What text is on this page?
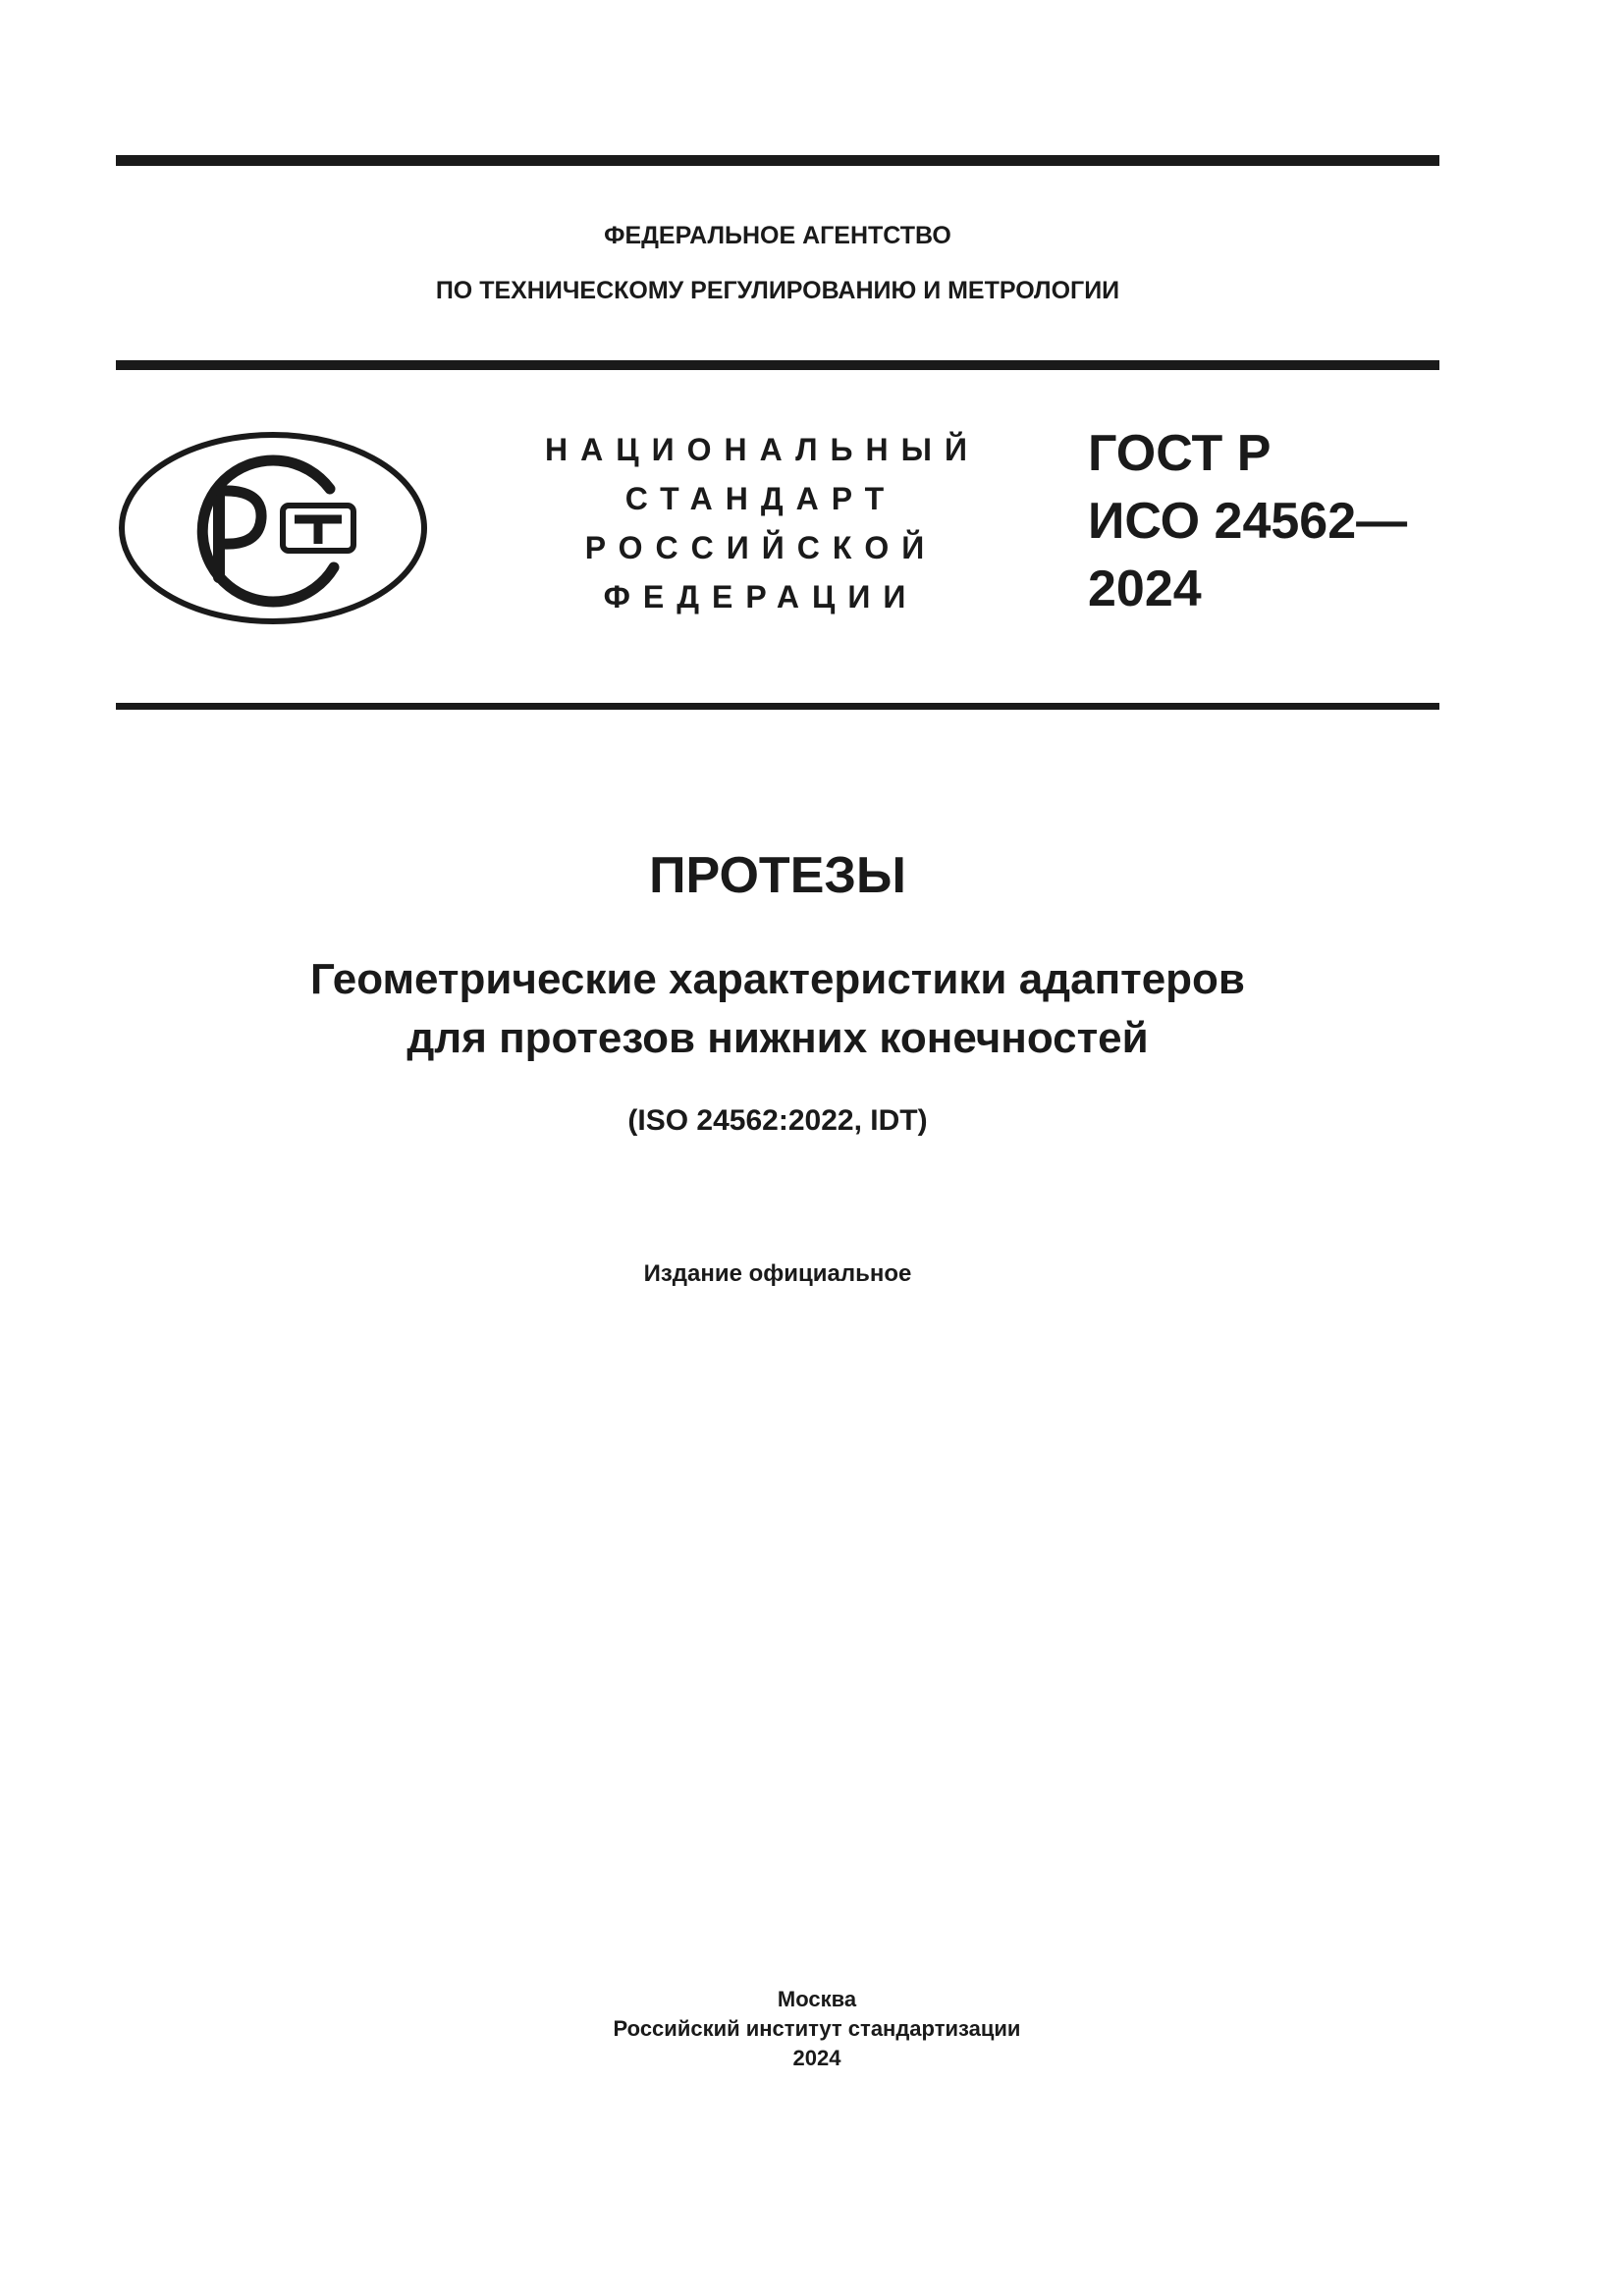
ФЕДЕРАЛЬНОЕ АГЕНТСТВО
ПО ТЕХНИЧЕСКОМУ РЕГУЛИРОВАНИЮ И МЕТРОЛОГИИ
НАЦИОНАЛЬНЫЙ
СТАНДАРТ
РОССИЙСКОЙ
ФЕДЕРАЦИИ
ГОСТ Р
ИСО 24562—
2024
ПРОТЕЗЫ
Геометрические характеристики адаптеров
для протезов нижних конечностей
(ISO 24562:2022, IDT)
Издание официальное
Москва
Российский институт стандартизации
2024
